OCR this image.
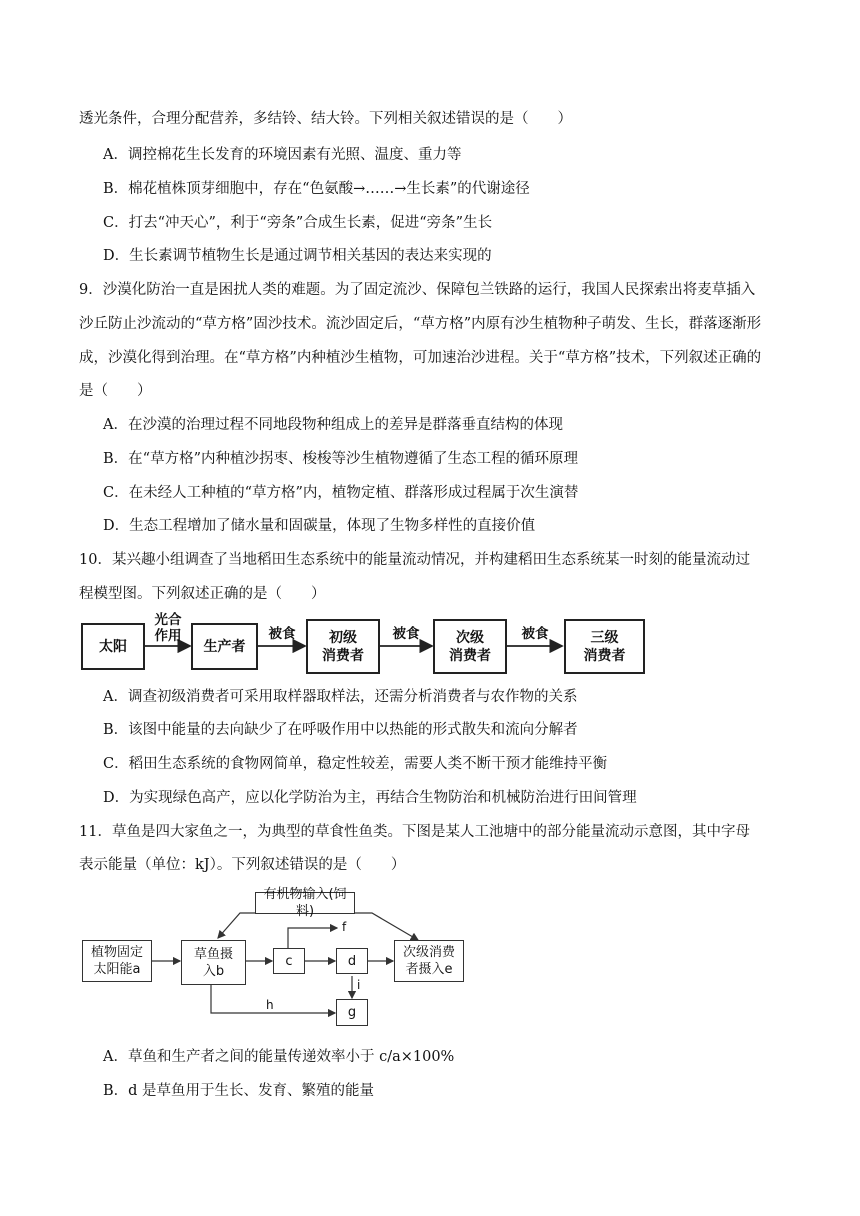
透光条件，合理分配营养，多结铃、结大铃。下列相关叙述错误的是（　　）
A．调控棉花生长发育的环境因素有光照、温度、重力等
B．棉花植株顶芽细胞中，存在“色氨酸→……→生长素”的代谢途径
C．打去“冲天心”，利于“旁条”合成生长素，促进“旁条”生长
D．生长素调节植物生长是通过调节相关基因的表达来实现的
9．沙漠化防治一直是困扰人类的难题。为了固定流沙、保障包兰铁路的运行，我国人民探索出将麦草插入
沙丘防止沙流动的“草方格”固沙技术。流沙固定后，“草方格”内原有沙生植物种子萌发、生长，群落逐渐形
成，沙漠化得到治理。在“草方格”内种植沙生植物，可加速治沙进程。关于“草方格”技术，下列叙述正确的
是（　　）
A．在沙漠的治理过程不同地段物种组成上的差异是群落垂直结构的体现
B．在“草方格”内种植沙拐枣、梭梭等沙生植物遵循了生态工程的循环原理
C．在未经人工种植的“草方格”内，植物定植、群落形成过程属于次生演替
D．生态工程增加了储水量和固碳量，体现了生物多样性的直接价值
10．某兴趣小组调查了当地稻田生态系统中的能量流动情况，并构建稻田生态系统某一时刻的能量流动过
程模型图。下列叙述正确的是（　　）
太阳
光合
作用
生产者
被食	初级
消费者
被食	次级
消费者
被食	三级
消费者
A．调查初级消费者可采用取样器取样法，还需分析消费者与农作物的关系
B．该图中能量的去向缺少了在呼吸作用中以热能的形式散失和流向分解者
C．稻田生态系统的食物网简单，稳定性较差，需要人类不断干预才能维持平衡
D．为实现绿色高产，应以化学防治为主，再结合生物防治和机械防治进行田间管理
11．草鱼是四大家鱼之一，为典型的草食性鱼类。下图是某人工池塘中的部分能量流动示意图，其中字母
表示能量（单位：kJ）。下列叙述错误的是（　　）
有机物输入(饲料)
植物固定
太阳能a
草鱼摄
入b
c	d
g
次级消费
者摄入e
f
h
i
A．草鱼和生产者之间的能量传递效率小于 c/a×100%
B．d 是草鱼用于生长、发育、繁殖的能量
